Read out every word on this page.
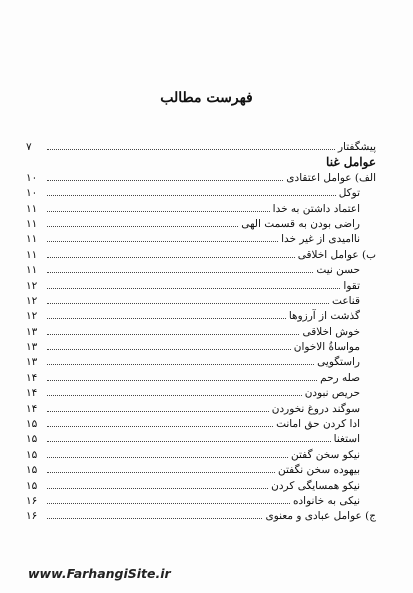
فهرست مطالب
پیشگفتار
۷
عوامل غنا
الف) عوامل اعتقادی
۱۰
توکل
۱۰
اعتماد داشتن به خدا
۱۱
راضی بودن به قسمت الهی
۱۱
ناامیدی از غیر خدا
۱۱
ب) عوامل اخلاقی
۱۱
حسن نیت
۱۱
تقوا
۱۲
قناعت
۱۲
گذشت از آرزوها
۱۲
خوش اخلاقی
۱۳
مواساةُ الاخوان
۱۳
راستگویی
۱۳
صله رحم
۱۴
حریص نبودن
۱۴
سوگند دروغ نخوردن
۱۴
ادا کردن حق امانت
۱۵
استغنا
۱۵
نیکو سخن گفتن
۱۵
بیهوده سخن نگفتن
۱۵
نیکو همسایگی کردن
۱۵
نیکی به خانواده
۱۶
ج) عوامل عبادی و معنوی
۱۶
www.FarhangiSite.ir
